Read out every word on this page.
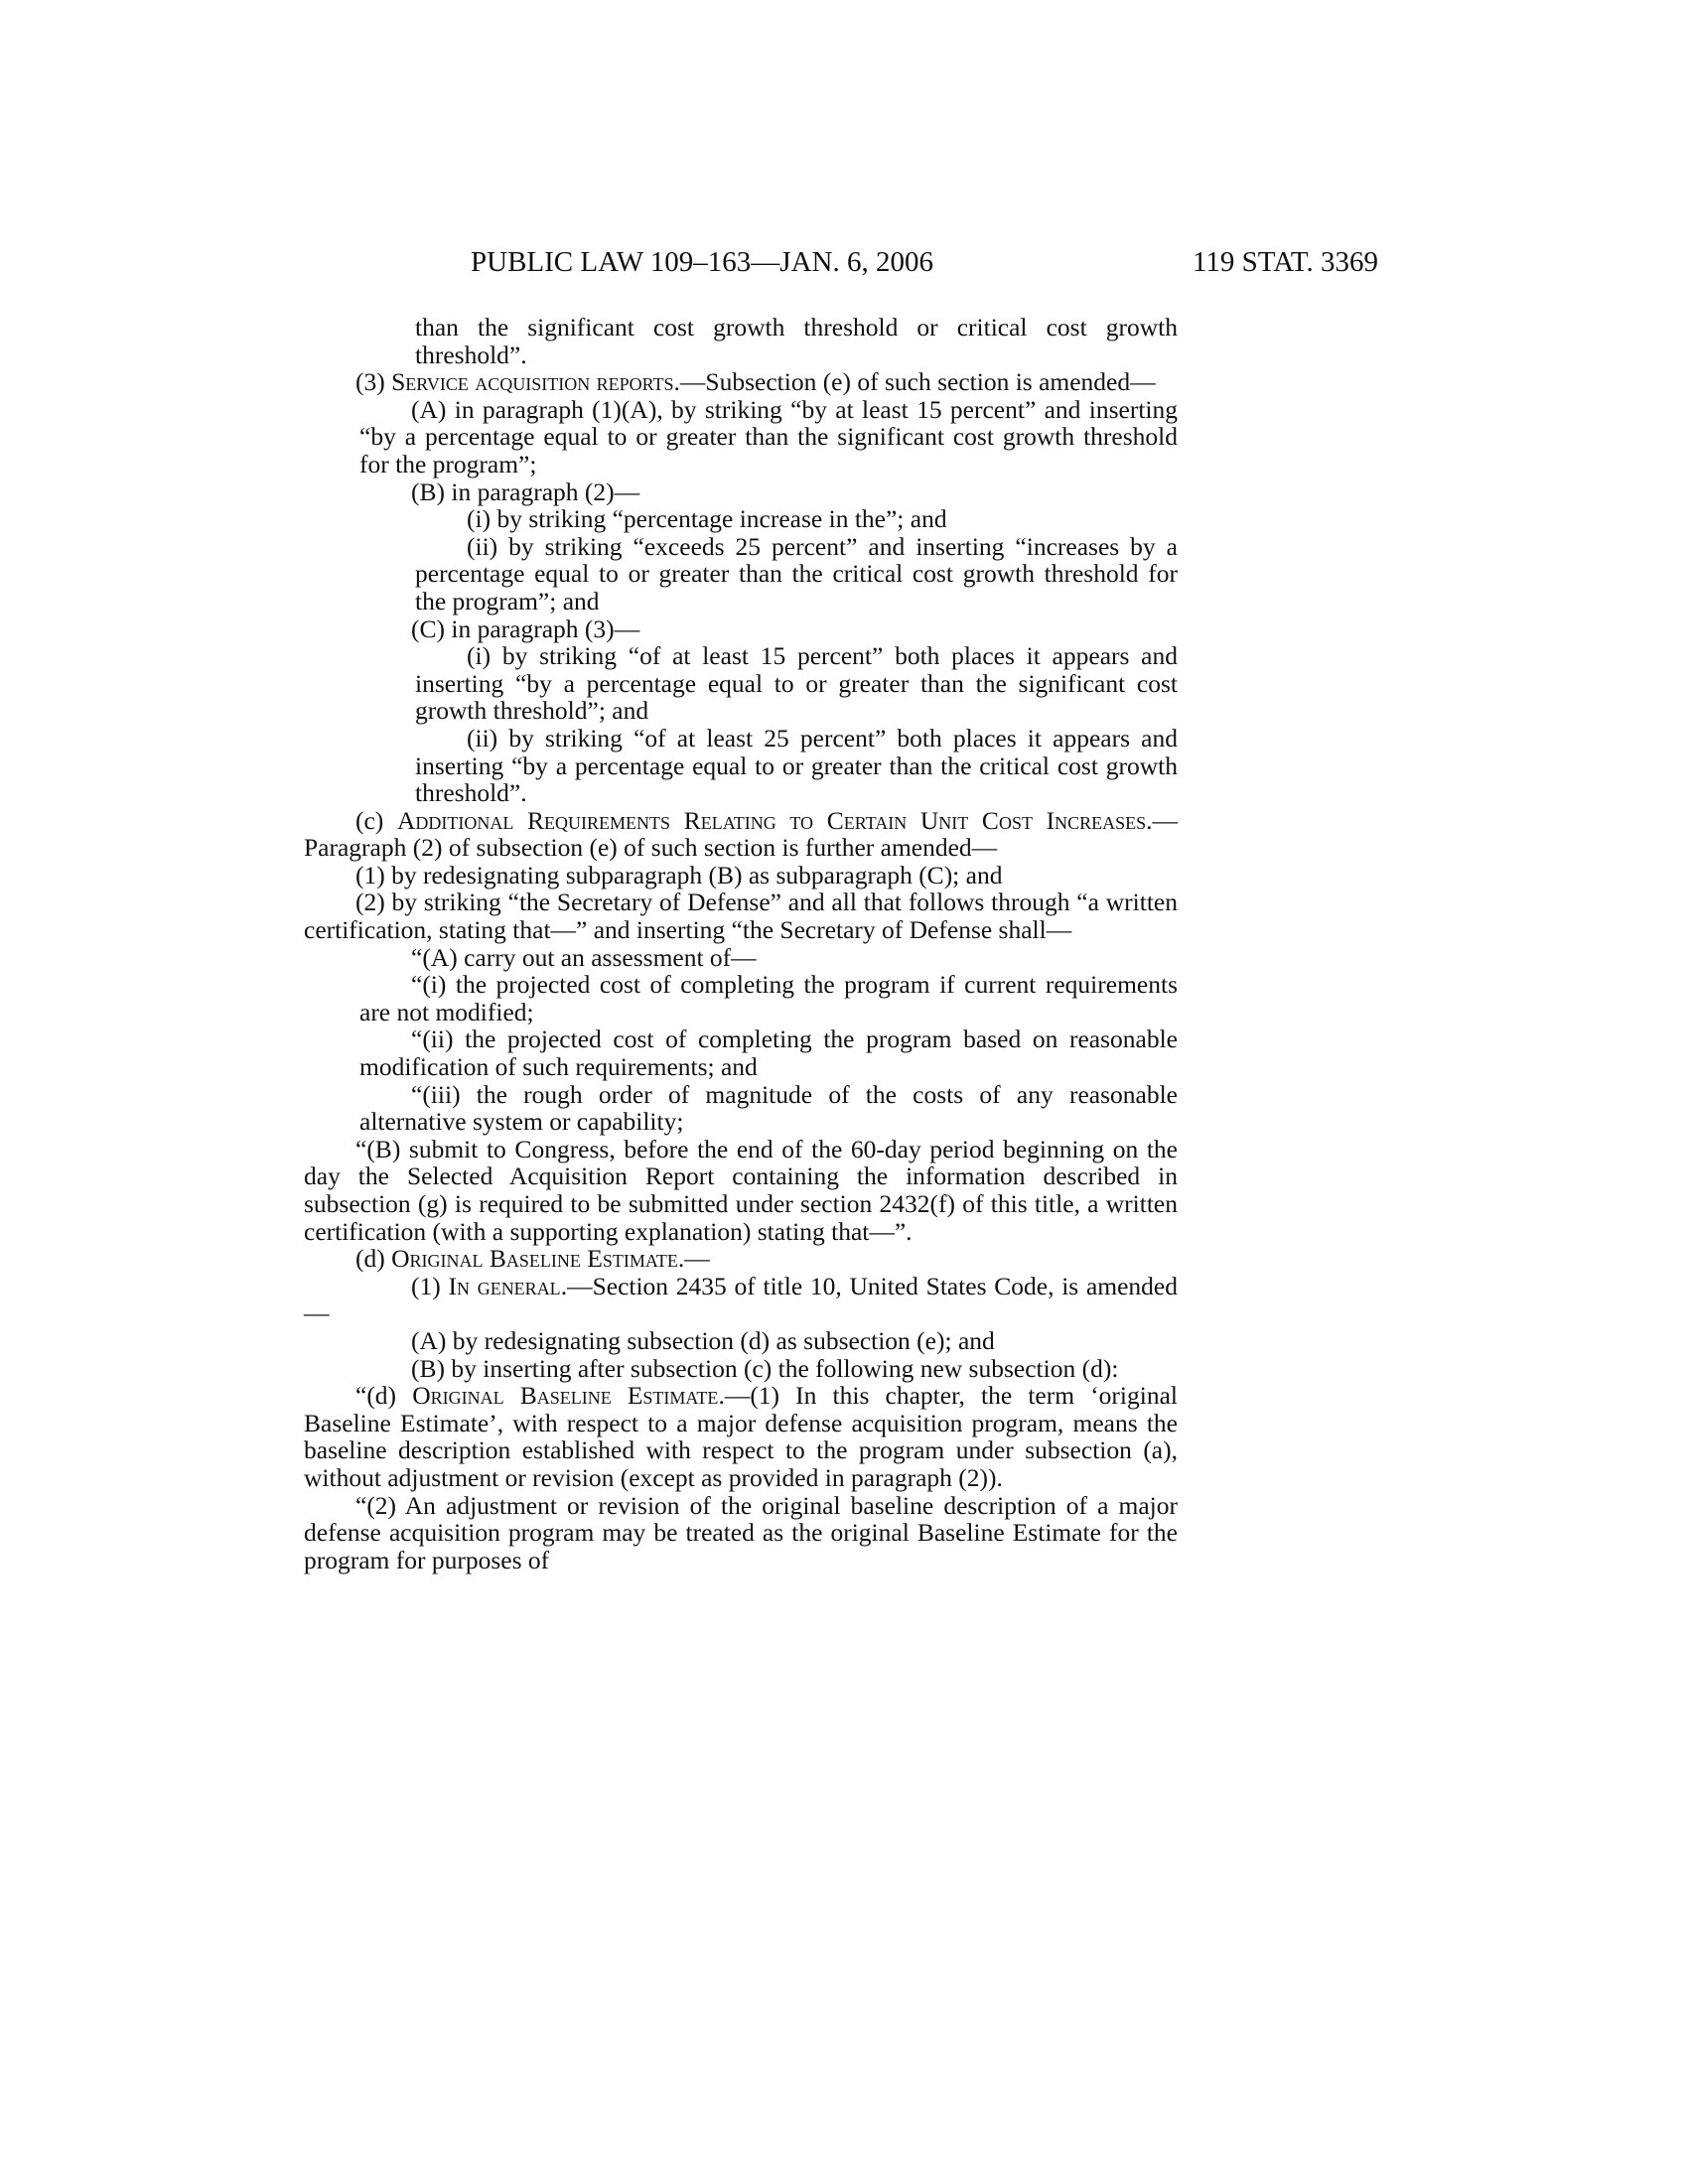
PUBLIC LAW 109–163—JAN. 6, 2006	119 STAT. 3369

than the significant cost growth threshold or critical cost growth threshold”.

(3) Service acquisition reports.—Subsection (e) of such section is amended—

(A) in paragraph (1)(A), by striking “by at least 15 percent” and inserting “by a percentage equal to or greater than the significant cost growth threshold for the program”;

(B) in paragraph (2)—

(i) by striking “percentage increase in the”; and

(ii) by striking “exceeds 25 percent” and inserting “increases by a percentage equal to or greater than the critical cost growth threshold for the program”; and

(C) in paragraph (3)—

(i) by striking “of at least 15 percent” both places it appears and inserting “by a percentage equal to or greater than the significant cost growth threshold”; and

(ii) by striking “of at least 25 percent” both places it appears and inserting “by a percentage equal to or greater than the critical cost growth threshold”.

(c) Additional Requirements Relating to Certain Unit Cost Increases.—Paragraph (2) of subsection (e) of such section is further amended—

(1) by redesignating subparagraph (B) as subparagraph (C); and

(2) by striking “the Secretary of Defense” and all that follows through “a written certification, stating that—” and inserting “the Secretary of Defense shall—

“(A) carry out an assessment of—

“(i) the projected cost of completing the program if current requirements are not modified;

“(ii) the projected cost of completing the program based on reasonable modification of such requirements; and

“(iii) the rough order of magnitude of the costs of any reasonable alternative system or capability;

“(B) submit to Congress, before the end of the 60-day period beginning on the day the Selected Acquisition Report containing the information described in subsection (g) is required to be submitted under section 2432(f) of this title, a written certification (with a supporting explanation) stating that—”.

(d) Original Baseline Estimate.—

(1) In general.—Section 2435 of title 10, United States Code, is amended—

(A) by redesignating subsection (d) as subsection (e); and

(B) by inserting after subsection (c) the following new subsection (d):

“(d) Original Baseline Estimate.—(1) In this chapter, the term ‘original Baseline Estimate’, with respect to a major defense acquisition program, means the baseline description established with respect to the program under subsection (a), without adjustment or revision (except as provided in paragraph (2)).

“(2) An adjustment or revision of the original baseline description of a major defense acquisition program may be treated as the original Baseline Estimate for the program for purposes of
